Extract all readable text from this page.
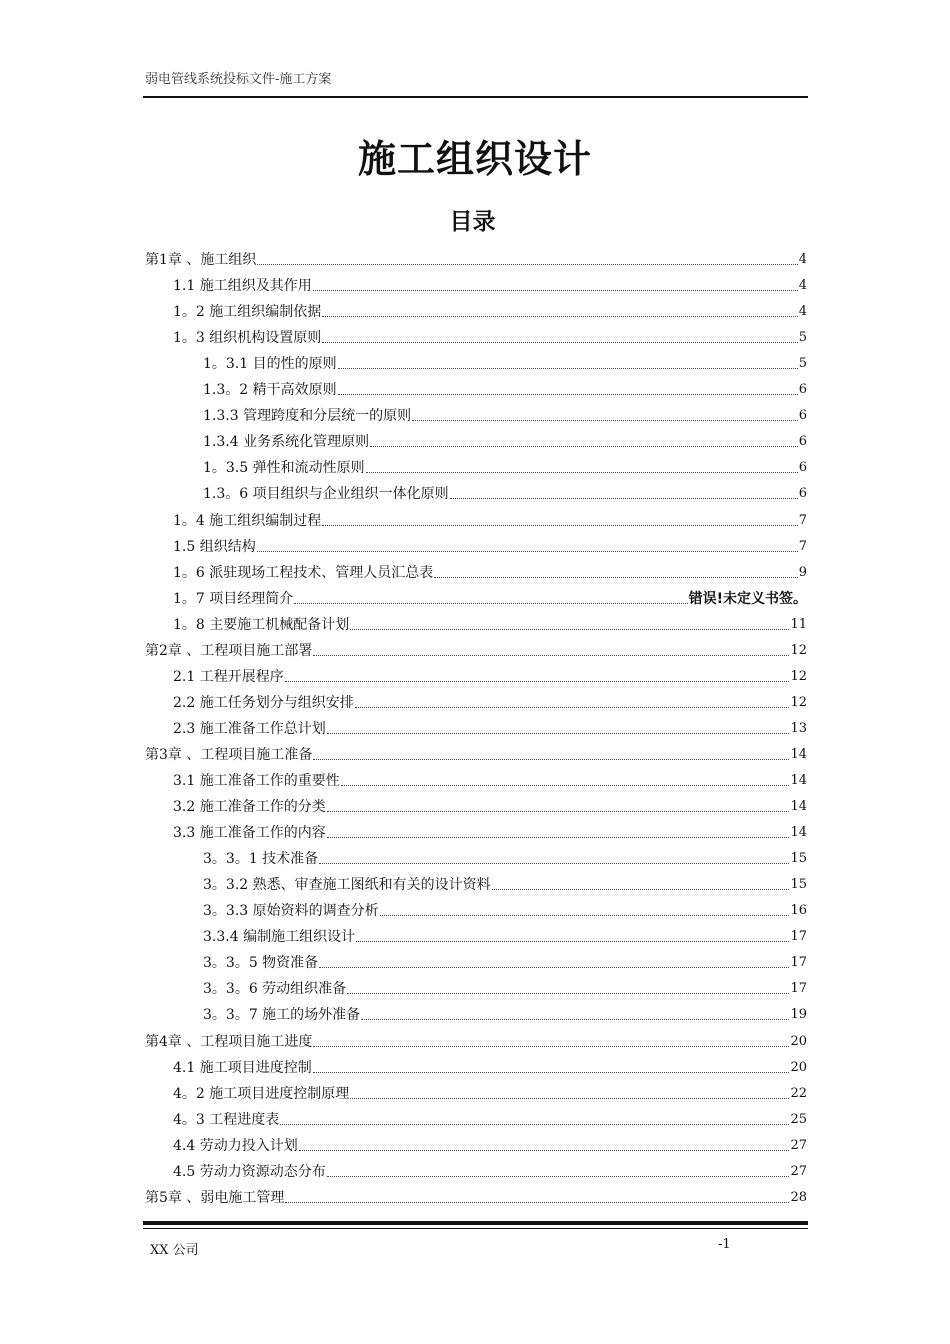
弱电管线系统投标文件-施工方案
施工组织设计
目录
第1章 、施工组织	4
1.1 施工组织及其作用	4
1。2 施工组织编制依据	4
1。3 组织机构设置原则	5
1。3.1 目的性的原则	5
1.3。2 精干高效原则	6
1.3.3 管理跨度和分层统一的原则	6
1.3.4 业务系统化管理原则	6
1。3.5 弹性和流动性原则	6
1.3。6 项目组织与企业组织一体化原则	6
1。4 施工组织编制过程	7
1.5 组织结构	7
1。6 派驻现场工程技术、管理人员汇总表	9
1。7 项目经理简介	错误!未定义书签。
1。8 主要施工机械配备计划	11
第2章 、工程项目施工部署	12
2.1 工程开展程序	12
2.2 施工任务划分与组织安排	12
2.3 施工准备工作总计划	13
第3章 、工程项目施工准备	14
3.1 施工准备工作的重要性	14
3.2 施工准备工作的分类	14
3.3 施工准备工作的内容	14
3。3。1 技术准备	15
3。3.2 熟悉、审查施工图纸和有关的设计资料	15
3。3.3 原始资料的调查分析	16
3.3.4 编制施工组织设计	17
3。3。5 物资准备	17
3。3。6 劳动组织准备	17
3。3。7 施工的场外准备	19
第4章 、工程项目施工进度	20
4.1 施工项目进度控制	20
4。2 施工项目进度控制原理	22
4。3 工程进度表	25
4.4 劳动力投入计划	27
4.5 劳动力资源动态分布	27
第5章 、弱电施工管理	28
XX 公司	-1
